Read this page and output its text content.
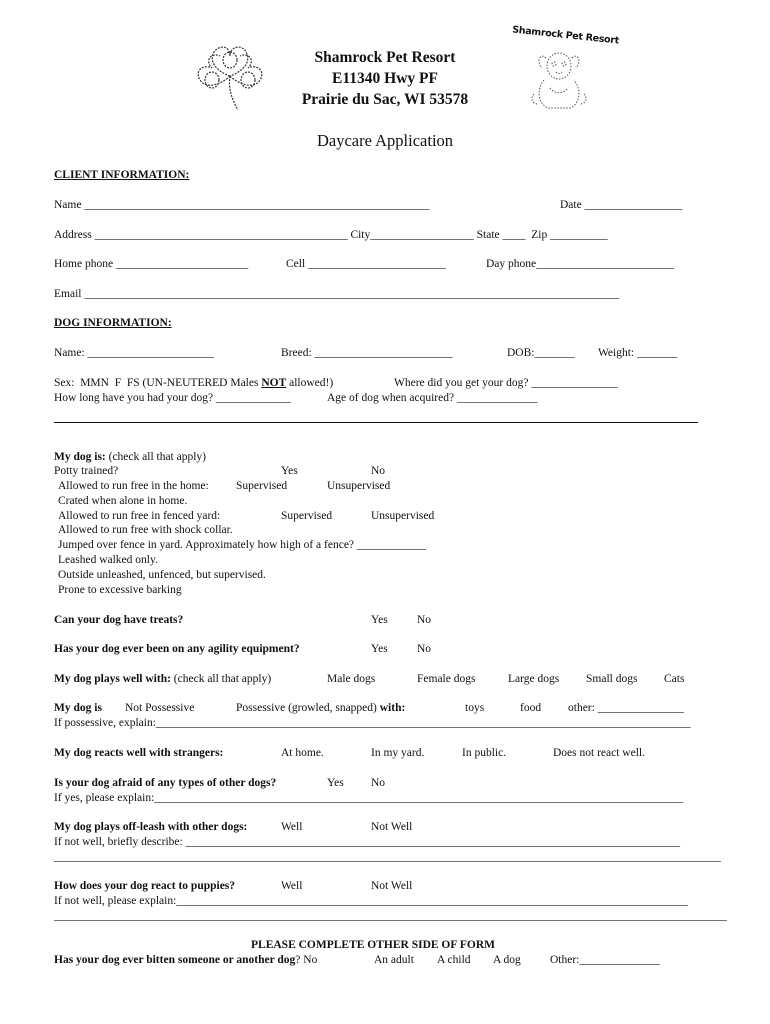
Shamrock Pet Resort
Shamrock Pet Resort
E11340 Hwy PF
Prairie du Sac, WI 53578
Daycare Application
CLIENT INFORMATION:
Name ____________________________________________________________	Date _________________
Address ____________________________________________ City__________________ State ____  Zip __________
Home phone _______________________	Cell ________________________	Day phone________________________
Email _____________________________________________________________________________________________
DOG INFORMATION:
Name: ______________________	Breed: ________________________	DOB:_______ Weight: _______
Sex:  MMN  F  FS (UN-NEUTERED Males NOT allowed!)	Where did you get your dog? _______________
How long have you had your dog? _____________	Age of dog when acquired? ______________
My dog is: (check all that apply)
Potty trained?	Yes	No
Allowed to run free in the home: Supervised	Unsupervised
Crated when alone in home.
Allowed to run free in fenced yard:	Supervised	Unsupervised
Allowed to run free with shock collar.
Jumped over fence in yard. Approximately how high of a fence? ____________
Leashed walked only.
Outside unleashed, unfenced, but supervised.
Prone to excessive barking
Can your dog have treats?	Yes	No
Has your dog ever been on any agility equipment?	Yes	No
My dog plays well with: (check all that apply)	Male dogs	Female dogs	Large dogs Small dogs Cats
My dog is Not Possessive	Possessive (growled, snapped) with:	toys	food other: _______________
If possessive, explain:_____________________________________________________________________________________________
My dog reacts well with strangers:	At home.	In my yard.	In public.	Does not react well.
Is your dog afraid of any types of other dogs?	Yes No
If yes, please explain:____________________________________________________________________________________________
My dog plays off-leash with other dogs:	Well	Not Well
If not well, briefly describe: ______________________________________________________________________________________
____________________________________________________________________________________________________________________
How does your dog react to puppies?	Well	Not Well
If not well, please explain:_________________________________________________________________________________________
_____________________________________________________________________________________________________________________
PLEASE COMPLETE OTHER SIDE OF FORM
Has your dog ever bitten someone or another dog? No	An adult A child A dog	Other:______________
